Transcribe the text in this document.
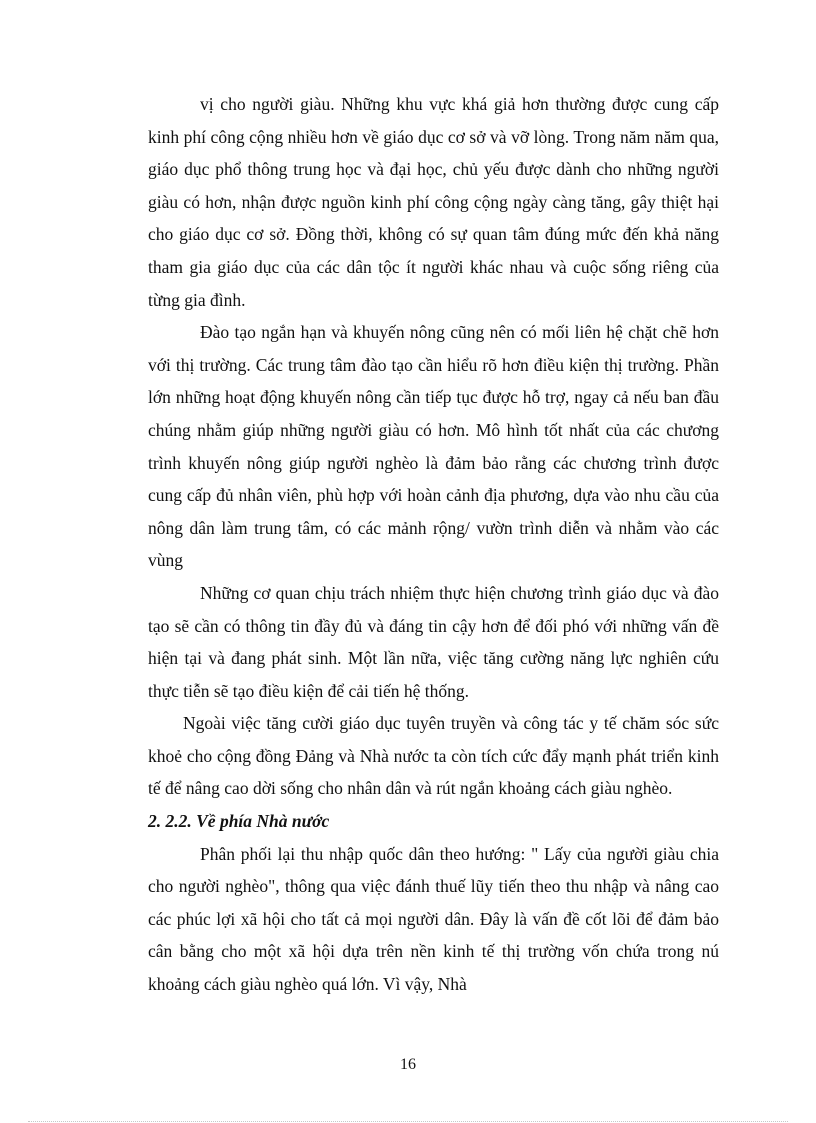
vị cho người giàu. Những khu vực khá giả hơn thường được cung cấp kinh phí công cộng nhiều hơn về giáo dục cơ sở và vỡ lòng. Trong năm năm qua, giáo dục phổ thông trung học và đại học, chủ yếu được dành cho những người giàu có hơn, nhận được nguồn kinh phí công cộng ngày càng tăng, gây thiệt hại cho giáo dục cơ sở. Đồng thời, không có sự quan tâm đúng mức đến khả năng tham gia giáo dục của các dân tộc ít người khác nhau và cuộc sống riêng của từng gia đình.

Đào tạo ngắn hạn và khuyến nông cũng nên có mối liên hệ chặt chẽ hơn với thị trường. Các trung tâm đào tạo cần hiểu rõ hơn điều kiện thị trường. Phần lớn những hoạt động khuyến nông cần tiếp tục được hỗ trợ, ngay cả nếu ban đầu chúng nhằm giúp những người giàu có hơn. Mô hình tốt nhất của các chương trình khuyến nông giúp người nghèo là đảm bảo rằng các chương trình được cung cấp đủ nhân viên, phù hợp với hoàn cảnh địa phương, dựa vào nhu cầu của nông dân làm trung tâm, có các mảnh rộng/ vườn trình diễn và nhằm vào các vùng

Những cơ quan chịu trách nhiệm thực hiện chương trình giáo dục và đào tạo sẽ cần có thông tin đầy đủ và đáng tin cậy hơn để đối phó với những vấn đề hiện tại và đang phát sinh. Một lần nữa, việc tăng cường năng lực nghiên cứu thực tiễn sẽ tạo điều kiện để cải tiến hệ thống.

Ngoài việc tăng cười giáo dục tuyên truyền và công tác y tế chăm sóc sức khoẻ cho cộng đồng Đảng và Nhà nước ta còn tích cức đẩy mạnh phát triển kinh tế để nâng cao dời sống cho nhân dân và rút ngắn khoảng cách giàu nghèo.

2. 2.2. Về phía Nhà nước

Phân phối lại thu nhập quốc dân theo hướng: " Lấy của người giàu chia cho người nghèo", thông qua việc đánh thuế lũy tiến theo thu nhập và nâng cao các phúc lợi xã hội cho tất cả mọi người dân. Đây là vấn đề cốt lõi để đảm bảo cân bằng cho một xã hội dựa trên nền kinh tế thị trường vốn chứa trong nú khoảng cách giàu nghèo quá lớn. Vì vậy, Nhà

16
